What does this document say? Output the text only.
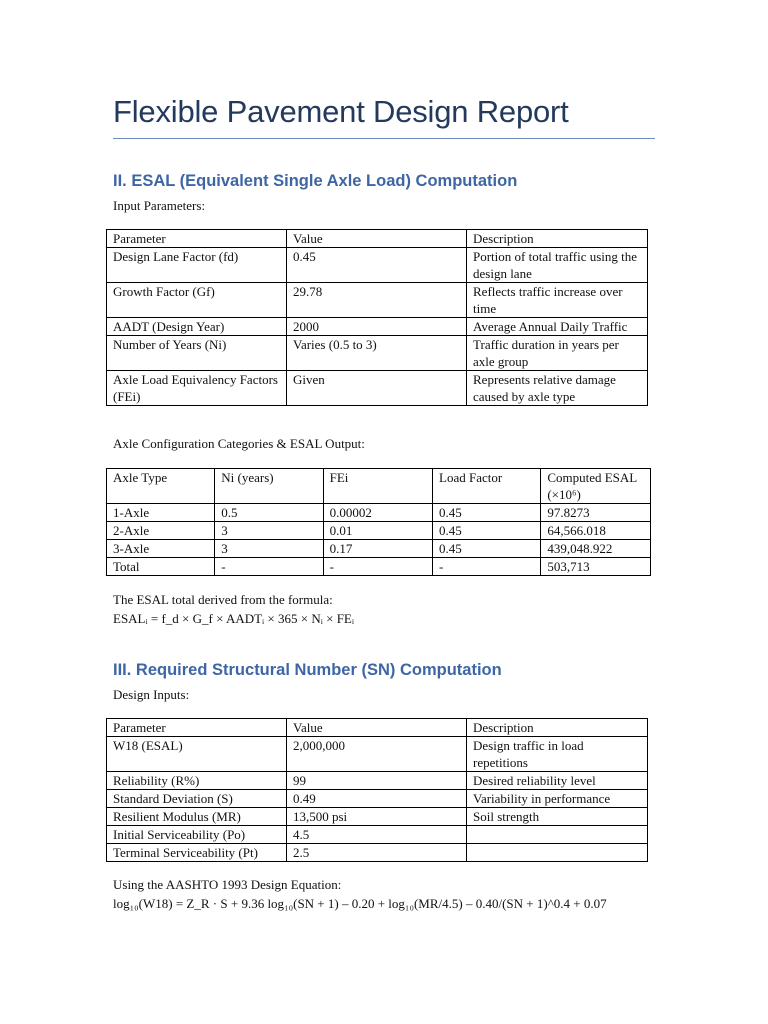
Flexible Pavement Design Report
II. ESAL (Equivalent Single Axle Load) Computation
Input Parameters:
Parameter	Value	Description
Design Lane Factor (fd)	0.45	Portion of total traffic using the design lane
Growth Factor (Gf)	29.78	Reflects traffic increase over time
AADT (Design Year)	2000	Average Annual Daily Traffic
Number of Years (Ni)	Varies (0.5 to 3)	Traffic duration in years per axle group
Axle Load Equivalency Factors (FEi)	Given	Represents relative damage caused by axle type
Axle Configuration Categories & ESAL Output:
Axle Type	Ni (years)	FEi	Load Factor	Computed ESAL (×10⁶)
1-Axle	0.5	0.00002	0.45	97.8273
2-Axle	3	0.01	0.45	64,566.018
3-Axle	3	0.17	0.45	439,048.922
Total	-	-	-	503,713
The ESAL total derived from the formula:
ESALᵢ = f_d × G_f × AADTᵢ × 365 × Nᵢ × FEᵢ
III. Required Structural Number (SN) Computation
Design Inputs:
Parameter	Value	Description
W18 (ESAL)	2,000,000	Design traffic in load repetitions
Reliability (R%)	99	Desired reliability level
Standard Deviation (S)	0.49	Variability in performance
Resilient Modulus (MR)	13,500 psi	Soil strength
Initial Serviceability (Po)	4.5	
Terminal Serviceability (Pt)	2.5	
Using the AASHTO 1993 Design Equation:
log₁₀(W18) = Z_R · S + 9.36 log₁₀(SN + 1) – 0.20 + log₁₀(MR/4.5) – 0.40/(SN + 1)^0.4 + 0.07
